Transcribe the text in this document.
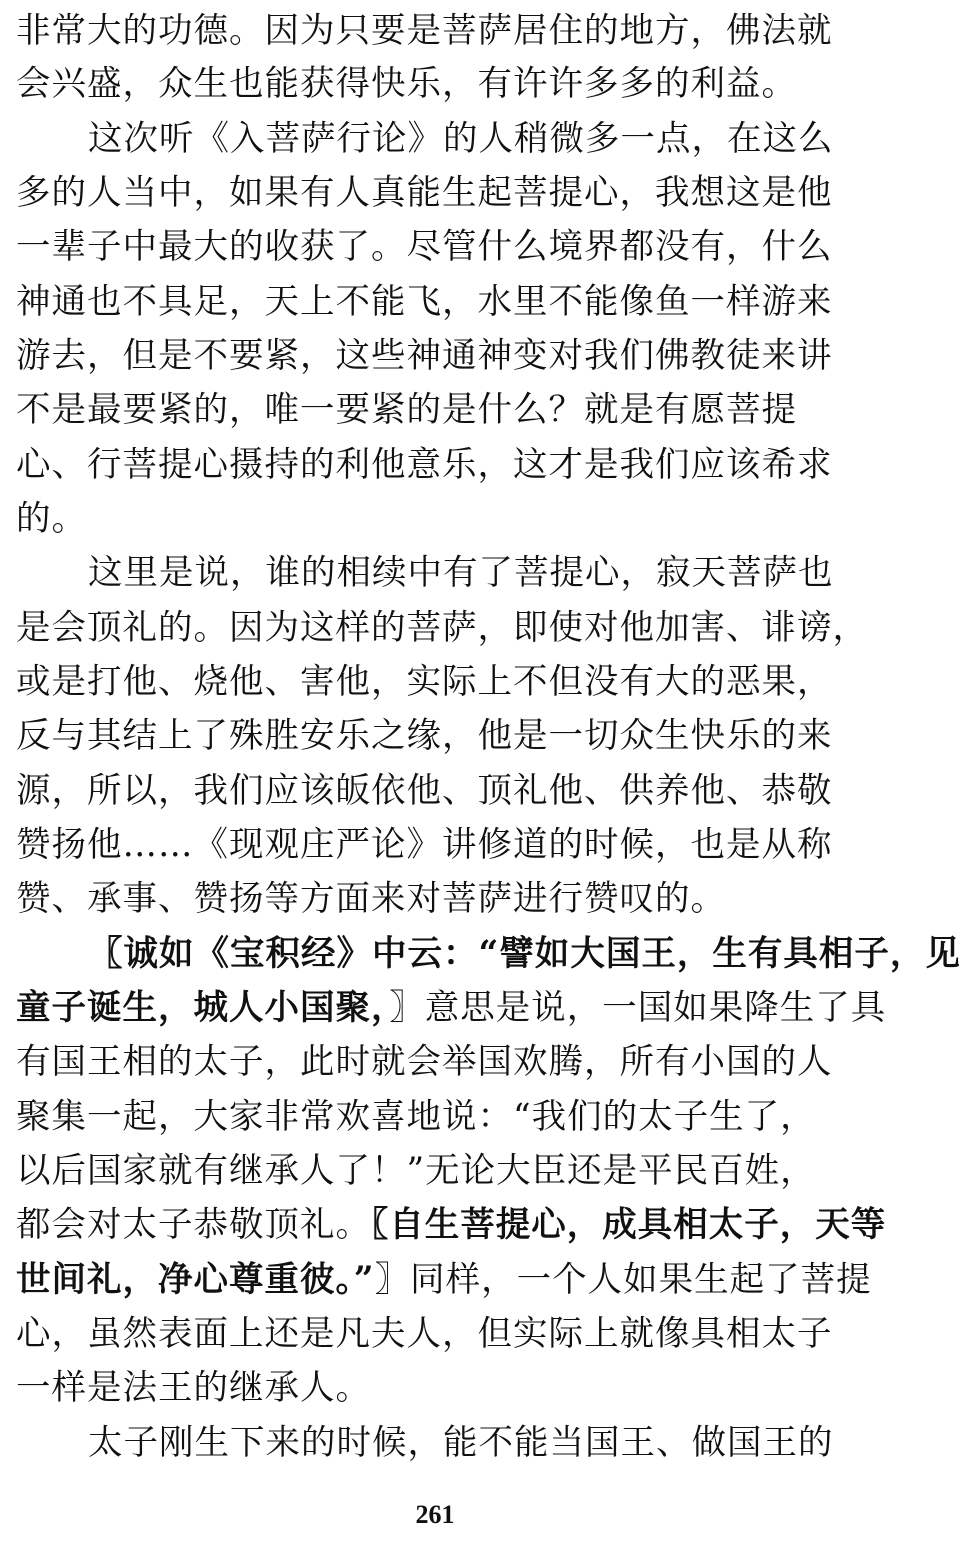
非常大的功德。因为只要是菩萨居住的地方，佛法就
会兴盛，众生也能获得快乐，有许许多多的利益。
这次听《入菩萨行论》的人稍微多一点，在这么
多的人当中，如果有人真能生起菩提心，我想这是他
一辈子中最大的收获了。尽管什么境界都没有，什么
神通也不具足，天上不能飞，水里不能像鱼一样游来
游去，但是不要紧，这些神通神变对我们佛教徒来讲
不是最要紧的，唯一要紧的是什么？就是有愿菩提
心、行菩提心摄持的利他意乐，这才是我们应该希求
的。
这里是说，谁的相续中有了菩提心，寂天菩萨也
是会顶礼的。因为这样的菩萨，即使对他加害、诽谤，
或是打他、烧他、害他，实际上不但没有大的恶果，
反与其结上了殊胜安乐之缘，他是一切众生快乐的来
源，所以，我们应该皈依他、顶礼他、供养他、恭敬
赞扬他……《现观庄严论》讲修道的时候，也是从称
赞、承事、赞扬等方面来对菩萨进行赞叹的。
〖诚如《宝积经》中云：“譬如大国王，生有具相子，见
童子诞生，城人小国聚，〗意思是说，一国如果降生了具
有国王相的太子，此时就会举国欢腾，所有小国的人
聚集一起，大家非常欢喜地说：“我们的太子生了，
以后国家就有继承人了！”无论大臣还是平民百姓，
都会对太子恭敬顶礼。〖自生菩提心，成具相太子，天等
世间礼，净心尊重彼。”〗同样，一个人如果生起了菩提
心，虽然表面上还是凡夫人，但实际上就像具相太子
一样是法王的继承人。
太子刚生下来的时候，能不能当国王、做国王的
261
